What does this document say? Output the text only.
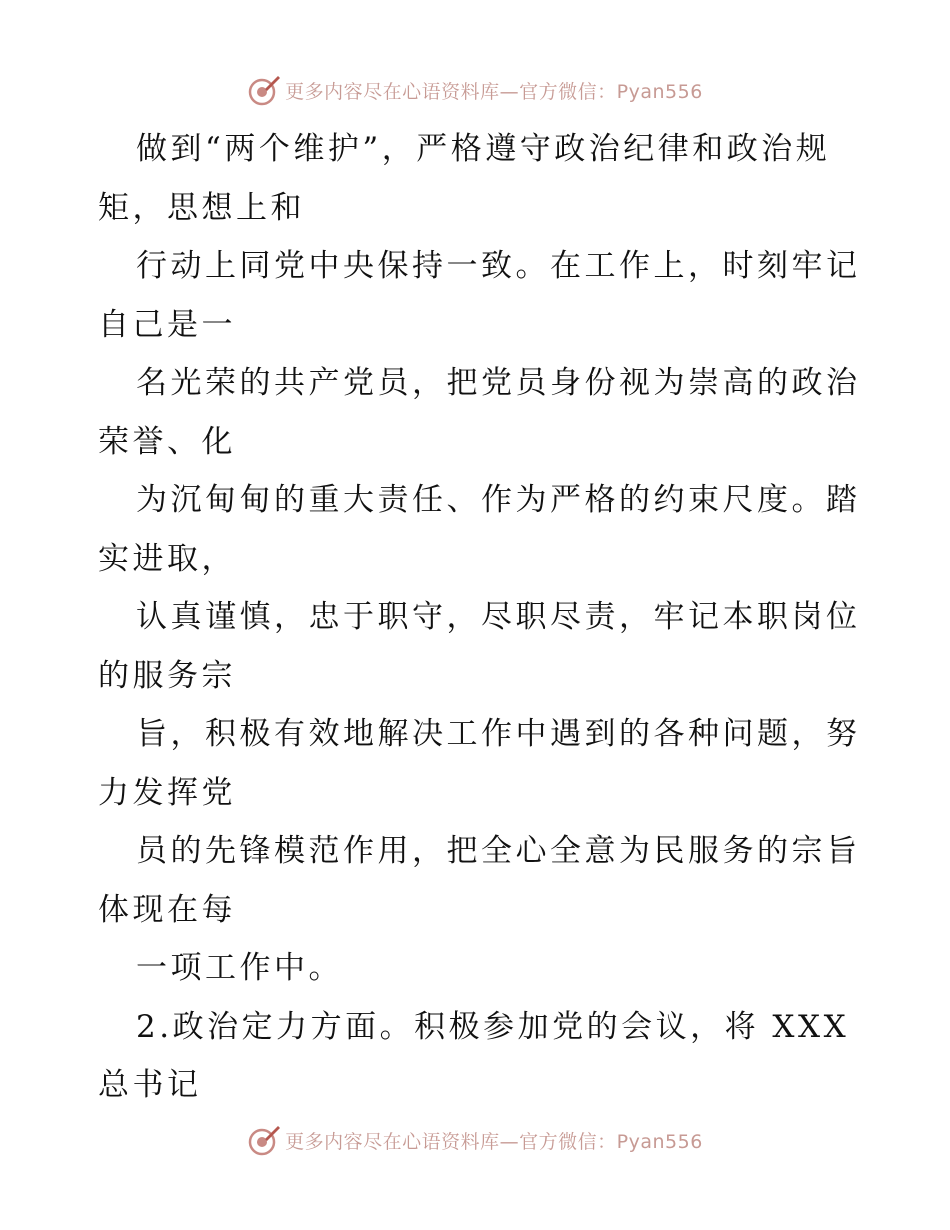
更多内容尽在心语资料库—官方微信：Pyan556
做到“两个维护”，严格遵守政治纪律和政治规
矩，思想上和
行动上同党中央保持一致。在工作上，时刻牢记
自己是一
名光荣的共产党员，把党员身份视为崇高的政治
荣誉、化
为沉甸甸的重大责任、作为严格的约束尺度。踏
实进取，
认真谨慎，忠于职守，尽职尽责，牢记本职岗位
的服务宗
旨，积极有效地解决工作中遇到的各种问题，努
力发挥党
员的先锋模范作用，把全心全意为民服务的宗旨
体现在每
一项工作中。
2.政治定力方面。积极参加党的会议，将 XXX
总书记
更多内容尽在心语资料库—官方微信：Pyan556
